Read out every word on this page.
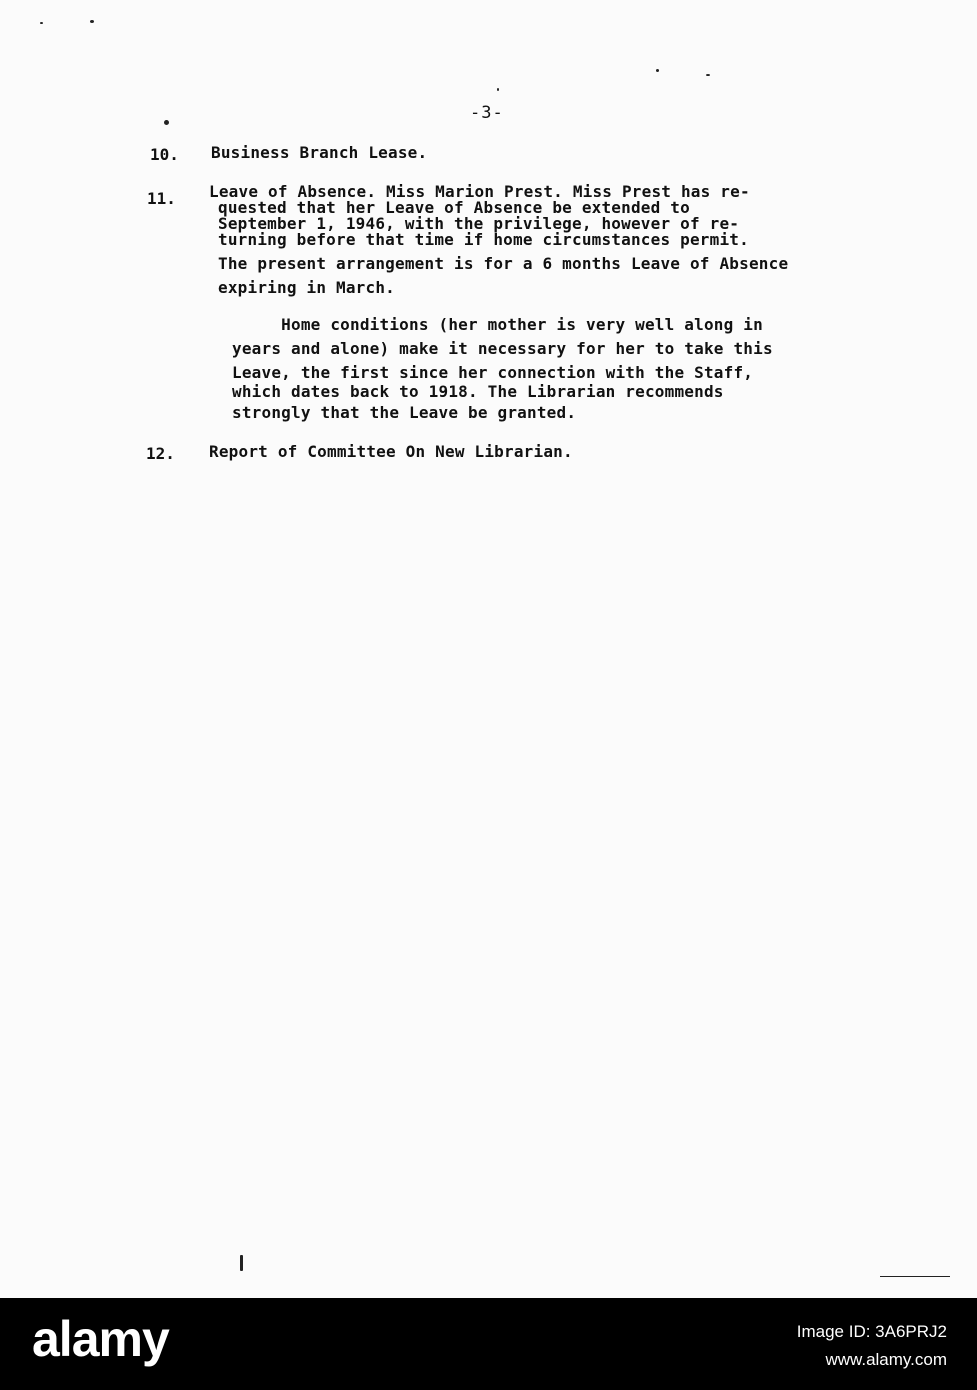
-3-
10. Business Branch Lease.
11. Leave of Absence. Miss Marion Prest. Miss Prest has re-
quested that her Leave of Absence be extended to
September 1, 1946, with the privilege, however of re-
turning before that time if home circumstances permit.
The present arrangement is for a 6 months Leave of Absence
expiring in March.
Home conditions (her mother is very well along in
years and alone) make it necessary for her to take this
Leave, the first since her connection with the Staff,
which dates back to 1918. The Librarian recommends
strongly that the Leave be granted.
12. Report of Committee On New Librarian.
alamy	Image ID: 3A6PRJ2
www.alamy.com
